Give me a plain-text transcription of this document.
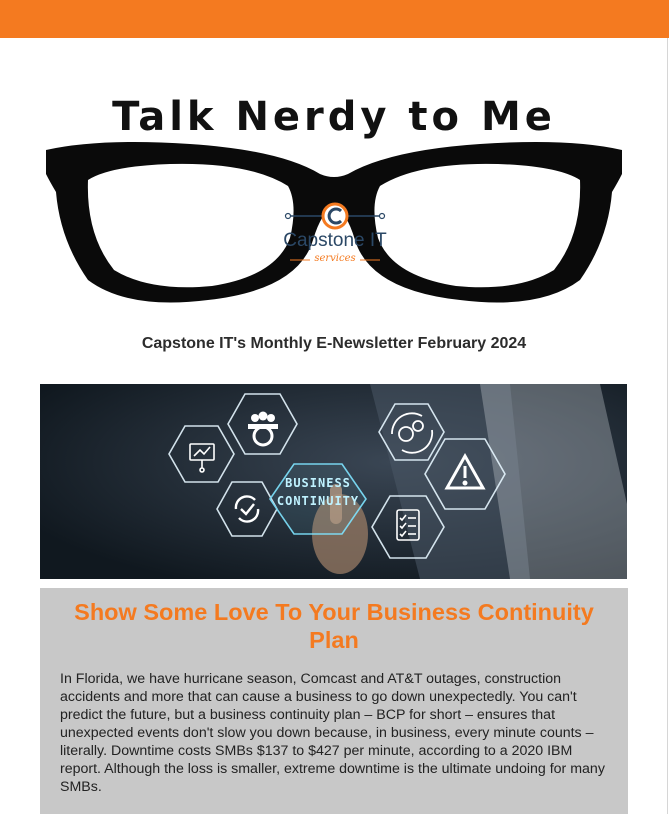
Talk Nerdy to Me
Capstone IT
services
Capstone IT's Monthly E-Newsletter February 2024
BUSINESS
CONTINUITY
Show Some Love To Your Business Continuity Plan

In Florida, we have hurricane season, Comcast and AT&T outages, construction accidents and more that can cause a business to go down unexpectedly. You can't predict the future, but a business continuity plan – BCP for short – ensures that unexpected events don't slow you down because, in business, every minute counts – literally. Downtime costs SMBs $137 to $427 per minute, according to a 2020 IBM report. Although the loss is smaller, extreme downtime is the ultimate undoing for many SMBs.
